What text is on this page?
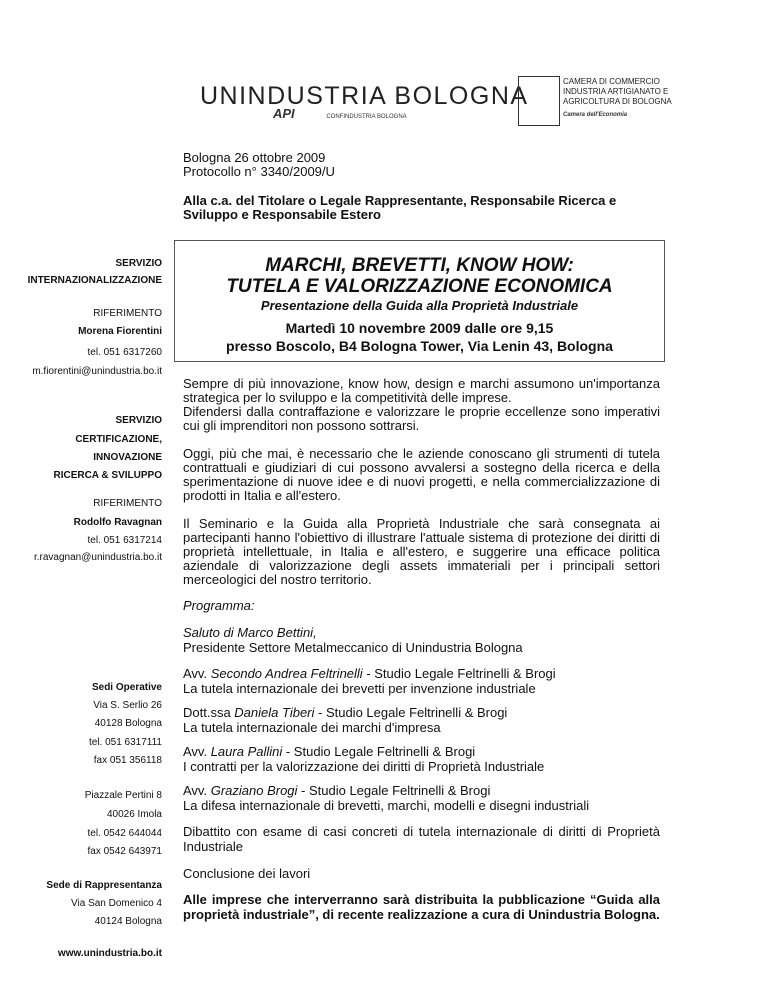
UNINDUSTRIA BOLOGNA
API	CONFINDUSTRIA BOLOGNA
CAMERA DI COMMERCIO
INDUSTRIA ARTIGIANATO E
AGRICOLTURA DI BOLOGNA
Camera dell'Economia
Bologna 26 ottobre 2009
Protocollo n° 3340/2009/U
Alla c.a. del Titolare o Legale Rappresentante, Responsabile Ricerca e
Sviluppo e Responsabile Estero
SERVIZIO
INTERNAZIONALIZZAZIONE
RIFERIMENTO
Morena Fiorentini
tel. 051 6317260
m.fiorentini@unindustria.bo.it
SERVIZIO
CERTIFICAZIONE,
INNOVAZIONE
RICERCA & SVILUPPO
RIFERIMENTO
Rodolfo Ravagnan
tel. 051 6317214
r.ravagnan@unindustria.bo.it
Sedi Operative
Via S. Serlio 26
40128 Bologna
tel. 051 6317111
fax 051 356118
Piazzale Pertini 8
40026 Imola
tel. 0542 644044
fax 0542 643971
Sede di Rappresentanza
Via San Domenico 4
40124 Bologna
www.unindustria.bo.it
MARCHI, BREVETTI, KNOW HOW:
TUTELA E VALORIZZAZIONE ECONOMICA
Presentazione della Guida alla Proprietà Industriale
Martedì 10 novembre 2009 dalle ore 9,15
presso Boscolo, B4 Bologna Tower, Via Lenin 43, Bologna
Sempre di più innovazione, know how, design e marchi assumono un'importanza strategica per lo sviluppo e la competitività delle imprese.
Difendersi dalla contraffazione e valorizzare le proprie eccellenze sono imperativi cui gli imprenditori non possono sottrarsi.
Oggi, più che mai, è necessario che le aziende conoscano gli strumenti di tutela contrattuali e giudiziari di cui possono avvalersi a sostegno della ricerca e della sperimentazione di nuove idee e di nuovi progetti, e nella commercializzazione di prodotti in Italia e all'estero.
Il Seminario e la Guida alla Proprietà Industriale che sarà consegnata ai partecipanti hanno l'obiettivo di illustrare l'attuale sistema di protezione dei diritti di proprietà intellettuale, in Italia e all'estero, e suggerire una efficace politica aziendale di valorizzazione degli assets immateriali per i principali settori merceologici del nostro territorio.
Programma:
Saluto di Marco Bettini,
Presidente Settore Metalmeccanico di Unindustria Bologna
Avv. Secondo Andrea Feltrinelli - Studio Legale Feltrinelli & Brogi
La tutela internazionale dei brevetti per invenzione industriale
Dott.ssa Daniela Tiberi - Studio Legale Feltrinelli & Brogi
La tutela internazionale dei marchi d'impresa
Avv. Laura Pallini - Studio Legale Feltrinelli & Brogi
I contratti per la valorizzazione dei diritti di Proprietà Industriale
Avv. Graziano Brogi - Studio Legale Feltrinelli & Brogi
La difesa internazionale di brevetti, marchi, modelli e disegni industriali
Dibattito con esame di casi concreti di tutela internazionale di diritti di Proprietà Industriale
Conclusione dei lavori
Alle imprese che interverranno sarà distribuita la pubblicazione “Guida alla proprietà industriale”, di recente realizzazione a cura di Unindustria Bologna.
